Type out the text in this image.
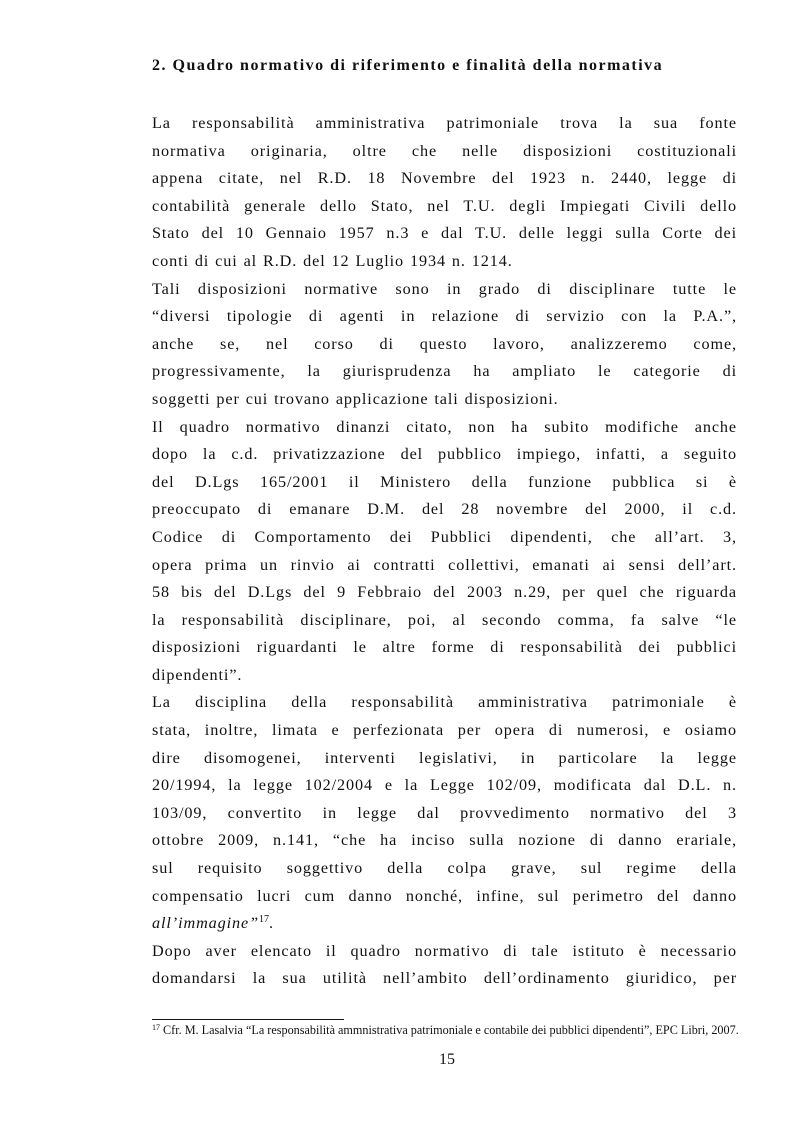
2. Quadro normativo di riferimento e finalità della normativa
La responsabilità amministrativa patrimoniale trova la sua fonte
normativa originaria, oltre che nelle disposizioni costituzionali
appena citate, nel R.D. 18 Novembre del 1923 n. 2440, legge di
contabilità generale dello Stato, nel T.U. degli Impiegati Civili dello
Stato del 10 Gennaio 1957 n.3 e dal T.U. delle leggi sulla Corte dei
conti di cui al R.D. del 12 Luglio 1934 n. 1214.
Tali disposizioni normative sono in grado di disciplinare tutte le
“diversi tipologie di agenti in relazione di servizio con la P.A.”,
anche se, nel corso di questo lavoro, analizzeremo come,
progressivamente, la giurisprudenza ha ampliato le categorie di
soggetti per cui trovano applicazione tali disposizioni.
Il quadro normativo dinanzi citato, non ha subito modifiche anche
dopo la c.d. privatizzazione del pubblico impiego, infatti, a seguito
del D.Lgs 165/2001 il Ministero della funzione pubblica si è
preoccupato di emanare D.M. del 28 novembre del 2000, il c.d.
Codice di Comportamento dei Pubblici dipendenti, che all’art. 3,
opera prima un rinvio ai contratti collettivi, emanati ai sensi dell’art.
58 bis del D.Lgs del 9 Febbraio del 2003 n.29, per quel che riguarda
la responsabilità disciplinare, poi, al secondo comma, fa salve “le
disposizioni riguardanti le altre forme di responsabilità dei pubblici
dipendenti”.
La disciplina della responsabilità amministrativa patrimoniale è
stata, inoltre, limata e perfezionata per opera di numerosi, e osiamo
dire disomogenei, interventi legislativi, in particolare la legge
20/1994, la legge 102/2004 e la Legge 102/09, modificata dal D.L. n.
103/09, convertito in legge dal provvedimento normativo del 3
ottobre 2009, n.141, “che ha inciso sulla nozione di danno erariale,
sul requisito soggettivo della colpa grave, sul regime della
compensatio lucri cum danno nonché, infine, sul perimetro del danno
all’immagine”$^{17}$.
Dopo aver elencato il quadro normativo di tale istituto è necessario
domandarsi la sua utilità nell’ambito dell’ordinamento giuridico, per
$^{17}$ Cfr. M. Lasalvia “La responsabilità ammnistrativa patrimoniale e contabile dei pubblici dipendenti”, EPC Libri, 2007.
15
